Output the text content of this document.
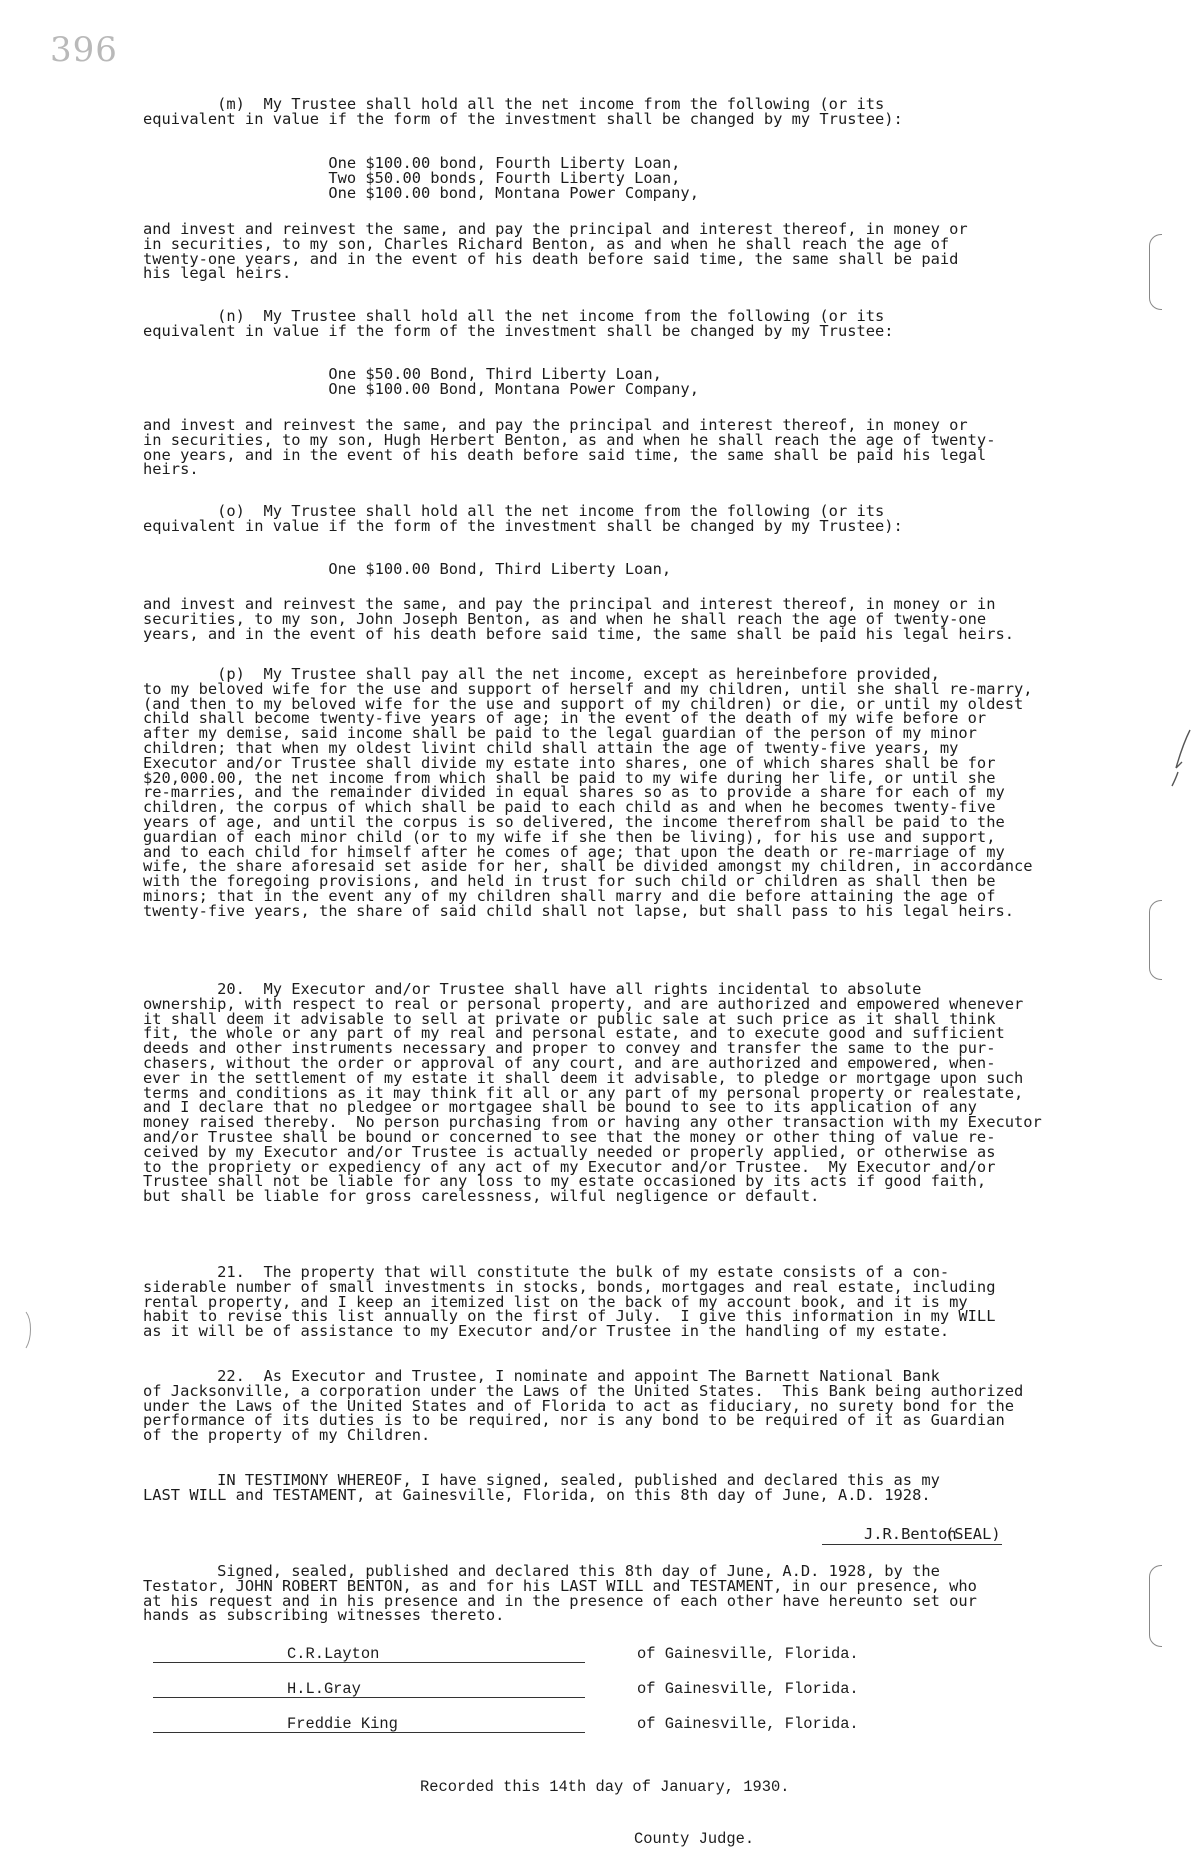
396
(m)  My Trustee shall hold all the net income from the following (or its
equivalent in value if the form of the investment shall be changed by my Trustee):
One $100.00 bond, Fourth Liberty Loan,
Two $50.00 bonds, Fourth Liberty Loan,
One $100.00 bond, Montana Power Company,
and invest and reinvest the same, and pay the principal and interest thereof, in money or
in securities, to my son, Charles Richard Benton, as and when he shall reach the age of
twenty-one years, and in the event of his death before said time, the same shall be paid
his legal heirs.
(n)  My Trustee shall hold all the net income from the following (or its
equivalent in value if the form of the investment shall be changed by my Trustee:
One $50.00 Bond, Third Liberty Loan,
One $100.00 Bond, Montana Power Company,
and invest and reinvest the same, and pay the principal and interest thereof, in money or
in securities, to my son, Hugh Herbert Benton, as and when he shall reach the age of twenty-
one years, and in the event of his death before said time, the same shall be paid his legal
heirs.
(o)  My Trustee shall hold all the net income from the following (or its
equivalent in value if the form of the investment shall be changed by my Trustee):
One $100.00 Bond, Third Liberty Loan,
and invest and reinvest the same, and pay the principal and interest thereof, in money or in
securities, to my son, John Joseph Benton, as and when he shall reach the age of twenty-one
years, and in the event of his death before said time, the same shall be paid his legal heirs.
(p)  My Trustee shall pay all the net income, except as hereinbefore provided,
to my beloved wife for the use and support of herself and my children, until she shall re-marry,
(and then to my beloved wife for the use and support of my children) or die, or until my oldest
child shall become twenty-five years of age; in the event of the death of my wife before or
after my demise, said income shall be paid to the legal guardian of the person of my minor
children; that when my oldest livint child shall attain the age of twenty-five years, my
Executor and/or Trustee shall divide my estate into shares, one of which shares shall be for
$20,000.00, the net income from which shall be paid to my wife during her life, or until she
re-marries, and the remainder divided in equal shares so as to provide a share for each of my
children, the corpus of which shall be paid to each child as and when he becomes twenty-five
years of age, and until the corpus is so delivered, the income therefrom shall be paid to the
guardian of each minor child (or to my wife if she then be living), for his use and support,
and to each child for himself after he comes of age; that upon the death or re-marriage of my
wife, the share aforesaid set aside for her, shall be divided amongst my children, in accordance
with the foregoing provisions, and held in trust for such child or children as shall then be
minors; that in the event any of my children shall marry and die before attaining the age of
twenty-five years, the share of said child shall not lapse, but shall pass to his legal heirs.
20.  My Executor and/or Trustee shall have all rights incidental to absolute
ownership, with respect to real or personal property, and are authorized and empowered whenever
it shall deem it advisable to sell at private or public sale at such price as it shall think
fit, the whole or any part of my real and personal estate, and to execute good and sufficient
deeds and other instruments necessary and proper to convey and transfer the same to the pur-
chasers, without the order or approval of any court, and are authorized and empowered, when-
ever in the settlement of my estate it shall deem it advisable, to pledge or mortgage upon such
terms and conditions as it may think fit all or any part of my personal property or realestate,
and I declare that no pledgee or mortgagee shall be bound to see to its application of any
money raised thereby.  No person purchasing from or having any other transaction with my Executor
and/or Trustee shall be bound or concerned to see that the money or other thing of value re-
ceived by my Executor and/or Trustee is actually needed or properly applied, or otherwise as
to the propriety or expediency of any act of my Executor and/or Trustee.  My Executor and/or
Trustee shall not be liable for any loss to my estate occasioned by its acts if good faith,
but shall be liable for gross carelessness, wilful negligence or default.
21.  The property that will constitute the bulk of my estate consists of a con-
siderable number of small investments in stocks, bonds, mortgages and real estate, including
rental property, and I keep an itemized list on the back of my account book, and it is my
habit to revise this list annually on the first of July.  I give this information in my WILL
as it will be of assistance to my Executor and/or Trustee in the handling of my estate.
22.  As Executor and Trustee, I nominate and appoint The Barnett National Bank
of Jacksonville, a corporation under the Laws of the United States.  This Bank being authorized
under the Laws of the United States and of Florida to act as fiduciary, no surety bond for the
performance of its duties is to be required, nor is any bond to be required of it as Guardian
of the property of my Children.
IN TESTIMONY WHEREOF, I have signed, sealed, published and declared this as my
LAST WILL and TESTAMENT, at Gainesville, Florida, on this 8th day of June, A.D. 1928.
J.R.Benton
(SEAL)
Signed, sealed, published and declared this 8th day of June, A.D. 1928, by the
Testator, JOHN ROBERT BENTON, as and for his LAST WILL and TESTAMENT, in our presence, who
at his request and in his presence and in the presence of each other have hereunto set our
hands as subscribing witnesses thereto.
C.R.Layton	of Gainesville, Florida.
H.L.Gray	of Gainesville, Florida.
Freddie King	of Gainesville, Florida.
Recorded this 14th day of January, 1930.
County Judge.
